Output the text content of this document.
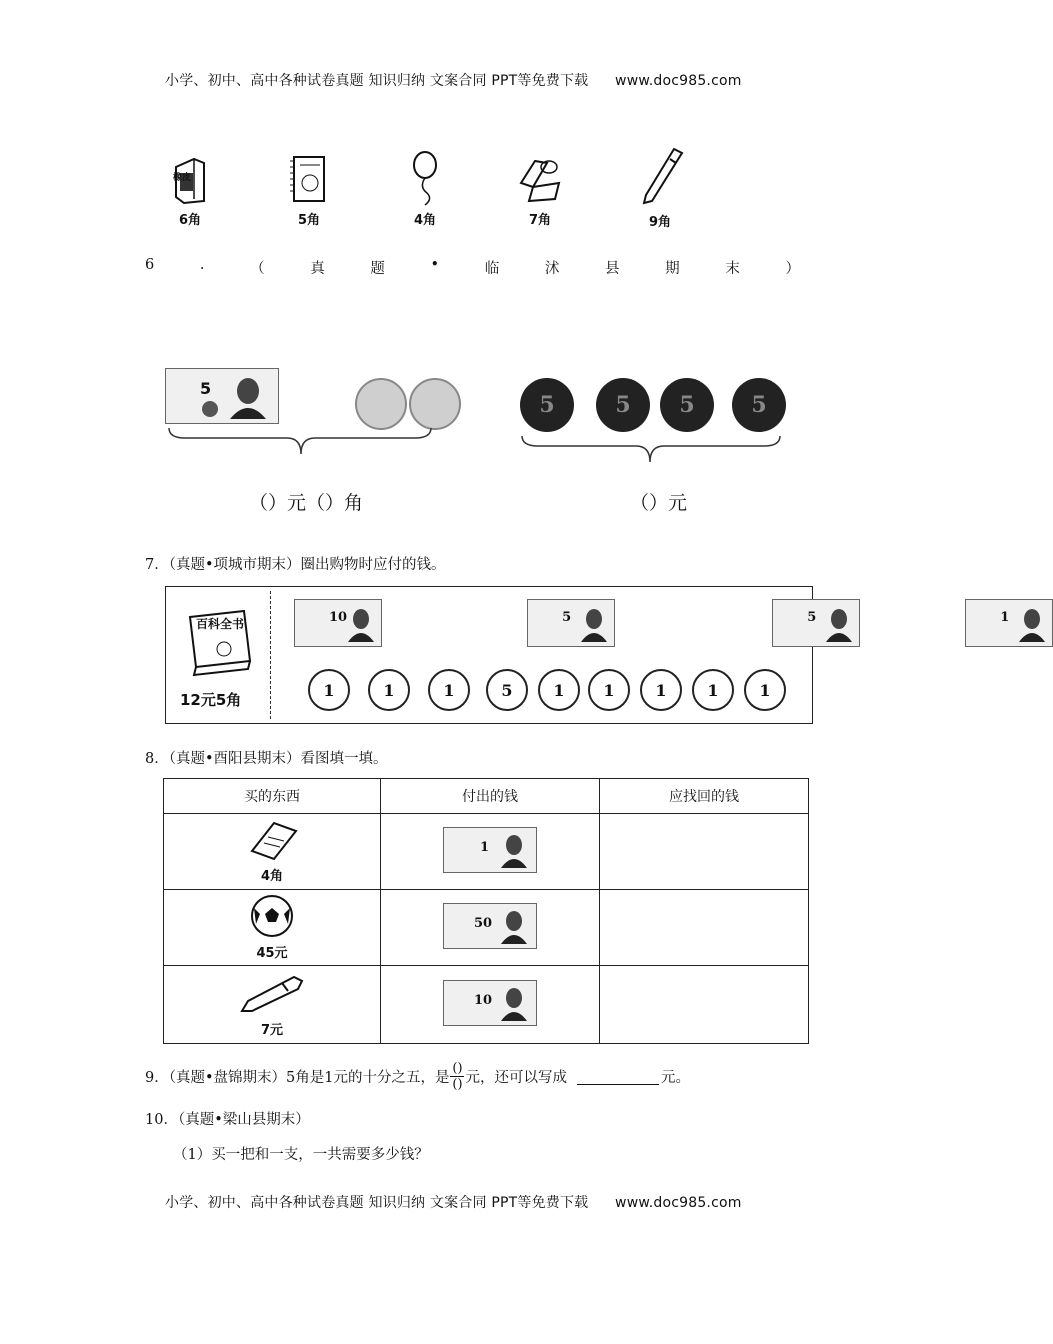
小学、初中、高中各种试卷真题 知识归纳 文案合同 PPT等免费下载 www.doc985.com
6角	5角	4角	7角	9角
6	.	（	真	题	•	临	沭	县	期	末	）
5
（）元（）角
5	5	5	5
（）元
7．（真题•项城市期末）圈出购物时应付的钱。
百科全书
12元5角
10
	5
	5
	1
1	1	1	5	1	1	1	1	1
8．（真题•酉阳县期末）看图填一填。
买的东西	付出的钱	应找回的钱

4角	1	

45元	50	

7元	10	

9．（真题•盘锦期末）5角是1元的十分之五，是
()
() 元，还可以写成	元。
10．（真题•梁山县期末）
（1）买一把和一支，一共需要多少钱？
小学、初中、高中各种试卷真题 知识归纳 文案合同 PPT等免费下载 www.doc985.com
橡皮
